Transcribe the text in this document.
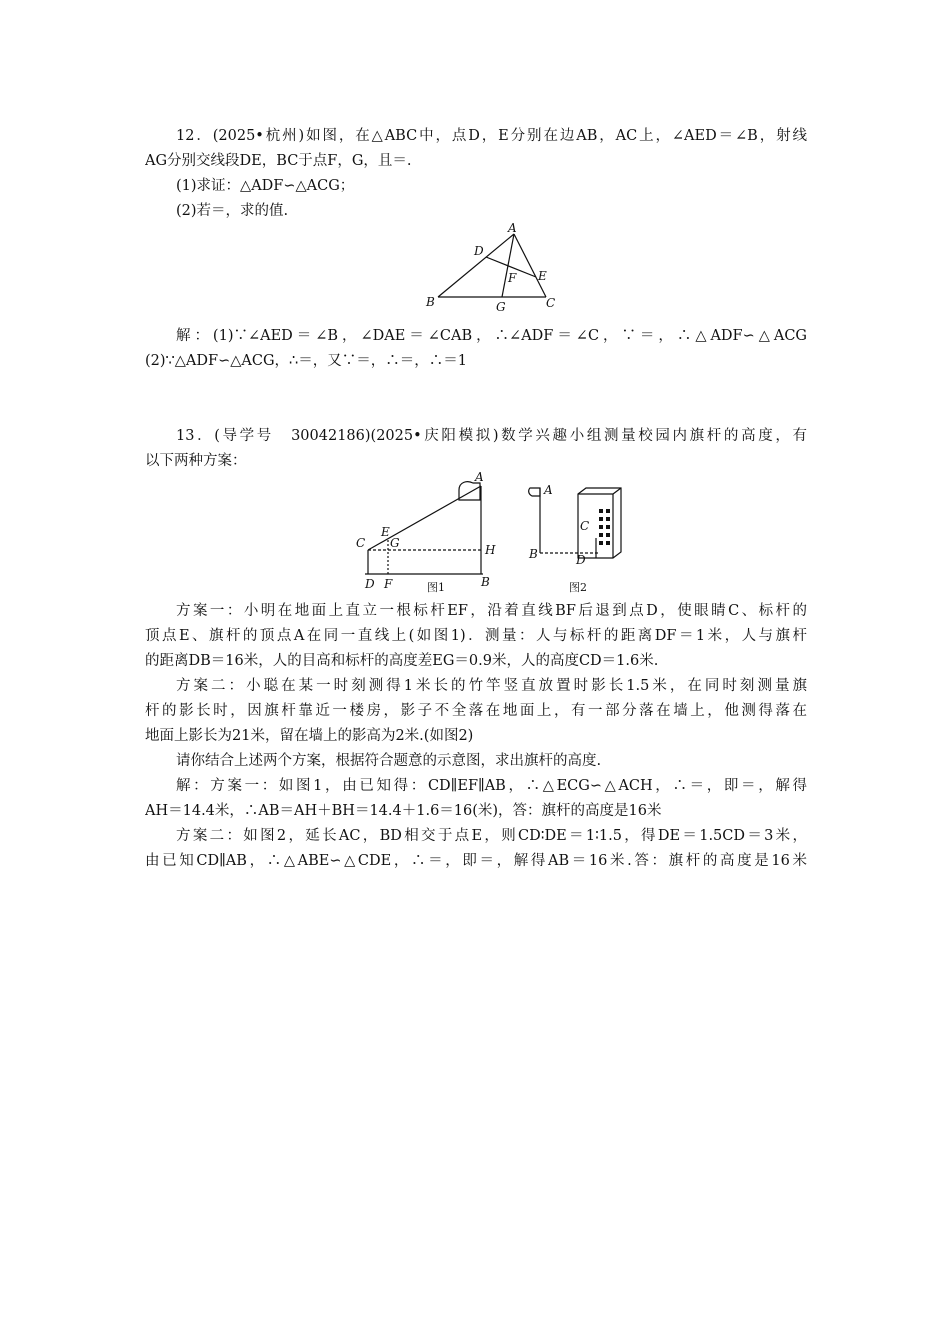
12．(2025•杭州)如图，在△ABC中，点D，E分别在边AB，AC上，∠AED＝∠B，射线
AG分别交线段DE，BC于点F，G，且＝.
(1)求证：△ADF∽△ACG；
(2)若＝，求的值.
A
D
E
F
B	G	C
解：(1)∵∠AED＝∠B，∠DAE＝∠CAB，∴∠ADF＝∠C，∵＝，∴△ADF∽△ACG
(2)∵△ADF∽△ACG，∴＝，又∵＝，∴＝，∴＝1
13．(导学号　30042186)(2025•庆阳模拟)数学兴趣小组测量校园内旗杆的高度，有
以下两种方案：
A
E
C G	H
D F	B
图1
A
C
B	D
图2
方案一：小明在地面上直立一根标杆EF，沿着直线BF后退到点D，使眼睛C、标杆的
顶点E、旗杆的顶点A在同一直线上(如图1)．测量：人与标杆的距离DF＝1米，人与旗杆
的距离DB＝16米，人的目高和标杆的高度差EG＝0.9米，人的高度CD＝1.6米.
方案二：小聪在某一时刻测得1米长的竹竿竖直放置时影长1.5米，在同时刻测量旗
杆的影长时，因旗杆靠近一楼房，影子不全落在地面上，有一部分落在墙上，他测得落在
地面上影长为21米，留在墙上的影高为2米.(如图2)
请你结合上述两个方案，根据符合题意的示意图，求出旗杆的高度.
解：方案一：如图1，由已知得：CD∥EF∥AB，∴△ECG∽△ACH，∴＝，即＝，解得
AH＝14.4米，∴AB＝AH＋BH＝14.4＋1.6＝16(米)，答：旗杆的高度是16米
方案二：如图2，延长AC，BD相交于点E，则CD∶DE＝1∶1.5，得DE＝1.5CD＝3米，
由已知CD∥AB，∴△ABE∽△CDE，∴＝，即＝，解得AB＝16米.答：旗杆的高度是16米
